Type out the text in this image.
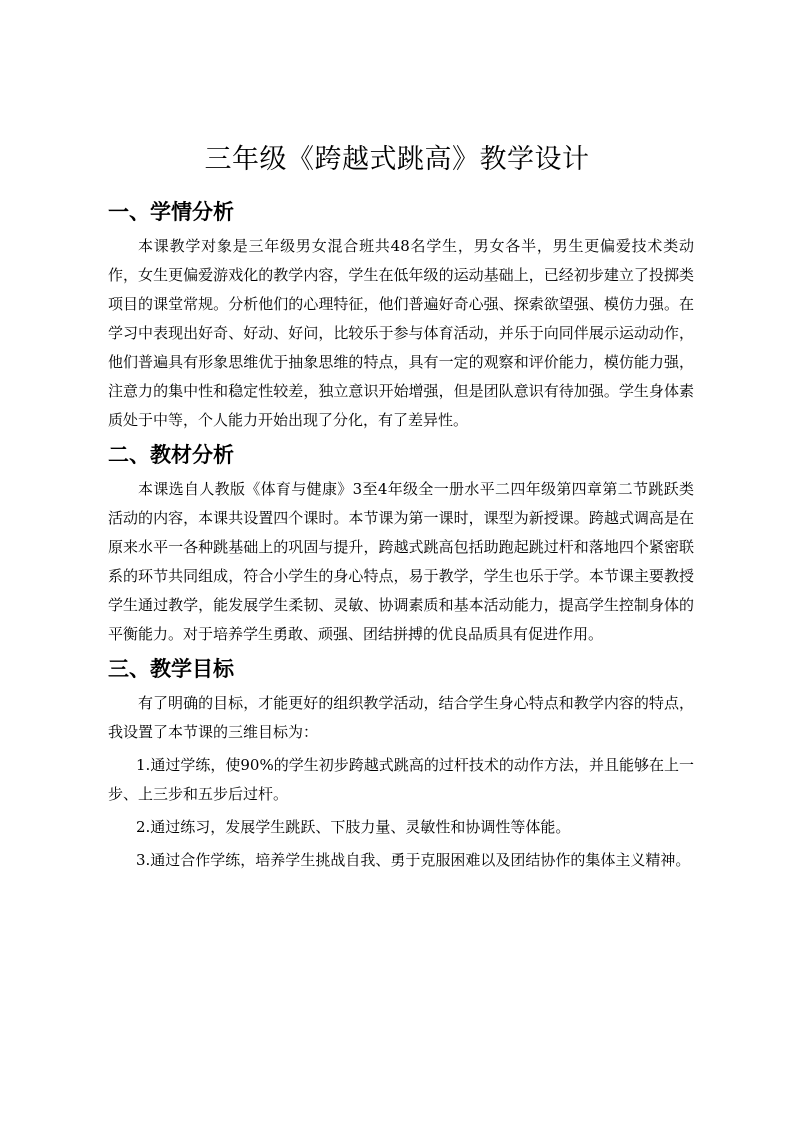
三年级《跨越式跳高》教学设计
一、学情分析

本课教学对象是三年级男女混合班共48名学生，男女各半，男生更偏爱技术类动作，女生更偏爱游戏化的教学内容，学生在低年级的运动基础上，已经初步建立了投掷类项目的课堂常规。分析他们的心理特征，他们普遍好奇心强、探索欲望强、模仿力强。在学习中表现出好奇、好动、好问，比较乐于参与体育活动，并乐于向同伴展示运动动作，他们普遍具有形象思维优于抽象思维的特点，具有一定的观察和评价能力，模仿能力强，注意力的集中性和稳定性较差，独立意识开始增强，但是团队意识有待加强。学生身体素质处于中等，个人能力开始出现了分化，有了差异性。

二、教材分析

本课选自人教版《体育与健康》3至4年级全一册水平二四年级第四章第二节跳跃类活动的内容，本课共设置四个课时。本节课为第一课时，课型为新授课。跨越式调高是在原来水平一各种跳基础上的巩固与提升，跨越式跳高包括助跑起跳过杆和落地四个紧密联系的环节共同组成，符合小学生的身心特点，易于教学，学生也乐于学。本节课主要教授学生通过教学，能发展学生柔韧、灵敏、协调素质和基本活动能力，提高学生控制身体的平衡能力。对于培养学生勇敢、顽强、团结拼搏的优良品质具有促进作用。

三、教学目标

有了明确的目标，才能更好的组织教学活动，结合学生身心特点和教学内容的特点，我设置了本节课的三维目标为：

1.通过学练，使90%的学生初步跨越式跳高的过杆技术的动作方法，并且能够在上一步、上三步和五步后过杆。

2.通过练习，发展学生跳跃、下肢力量、灵敏性和协调性等体能。

3.通过合作学练，培养学生挑战自我、勇于克服困难以及团结协作的集体主义精神。
